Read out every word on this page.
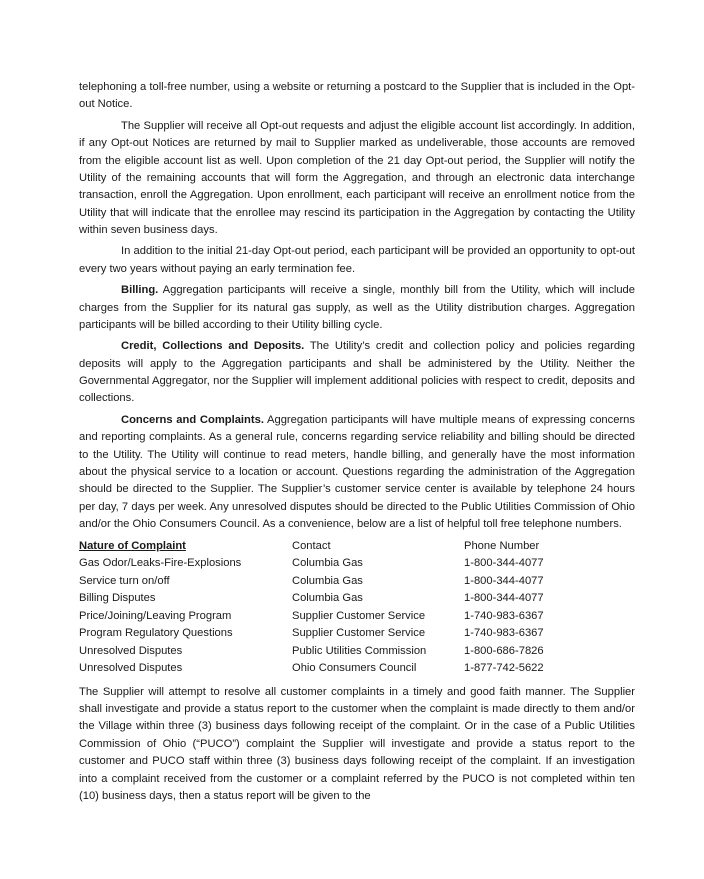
telephoning a toll-free number, using a website or returning a postcard to the Supplier that is included in the Opt-out Notice.

The Supplier will receive all Opt-out requests and adjust the eligible account list accordingly. In addition, if any Opt-out Notices are returned by mail to Supplier marked as undeliverable, those accounts are removed from the eligible account list as well. Upon completion of the 21 day Opt-out period, the Supplier will notify the Utility of the remaining accounts that will form the Aggregation, and through an electronic data interchange transaction, enroll the Aggregation. Upon enrollment, each participant will receive an enrollment notice from the Utility that will indicate that the enrollee may rescind its participation in the Aggregation by contacting the Utility within seven business days.

In addition to the initial 21-day Opt-out period, each participant will be provided an opportunity to opt-out every two years without paying an early termination fee.

Billing. Aggregation participants will receive a single, monthly bill from the Utility, which will include charges from the Supplier for its natural gas supply, as well as the Utility distribution charges. Aggregation participants will be billed according to their Utility billing cycle.

Credit, Collections and Deposits. The Utility’s credit and collection policy and policies regarding deposits will apply to the Aggregation participants and shall be administered by the Utility. Neither the Governmental Aggregator, nor the Supplier will implement additional policies with respect to credit, deposits and collections.

Concerns and Complaints. Aggregation participants will have multiple means of expressing concerns and reporting complaints. As a general rule, concerns regarding service reliability and billing should be directed to the Utility. The Utility will continue to read meters, handle billing, and generally have the most information about the physical service to a location or account. Questions regarding the administration of the Aggregation should be directed to the Supplier. The Supplier’s customer service center is available by telephone 24 hours per day, 7 days per week. Any unresolved disputes should be directed to the Public Utilities Commission of Ohio and/or the Ohio Consumers Council. As a convenience, below are a list of helpful toll free telephone numbers.

Nature of Complaint	Contact	Phone Number
Gas Odor/Leaks-Fire-Explosions	Columbia Gas	1-800-344-4077
Service turn on/off	Columbia Gas	1-800-344-4077
Billing Disputes	Columbia Gas	1-800-344-4077
Price/Joining/Leaving Program	Supplier Customer Service	1-740-983-6367
Program Regulatory Questions	Supplier Customer Service	1-740-983-6367
Unresolved Disputes	Public Utilities Commission	1-800-686-7826
Unresolved Disputes	Ohio Consumers Council	1-877-742-5622

The Supplier will attempt to resolve all customer complaints in a timely and good faith manner. The Supplier shall investigate and provide a status report to the customer when the complaint is made directly to them and/or the Village within three (3) business days following receipt of the complaint. Or in the case of a Public Utilities Commission of Ohio (“PUCO”) complaint the Supplier will investigate and provide a status report to the customer and PUCO staff within three (3) business days following receipt of the complaint. If an investigation into a complaint received from the customer or a complaint referred by the PUCO is not completed within ten (10) business days, then a status report will be given to the
